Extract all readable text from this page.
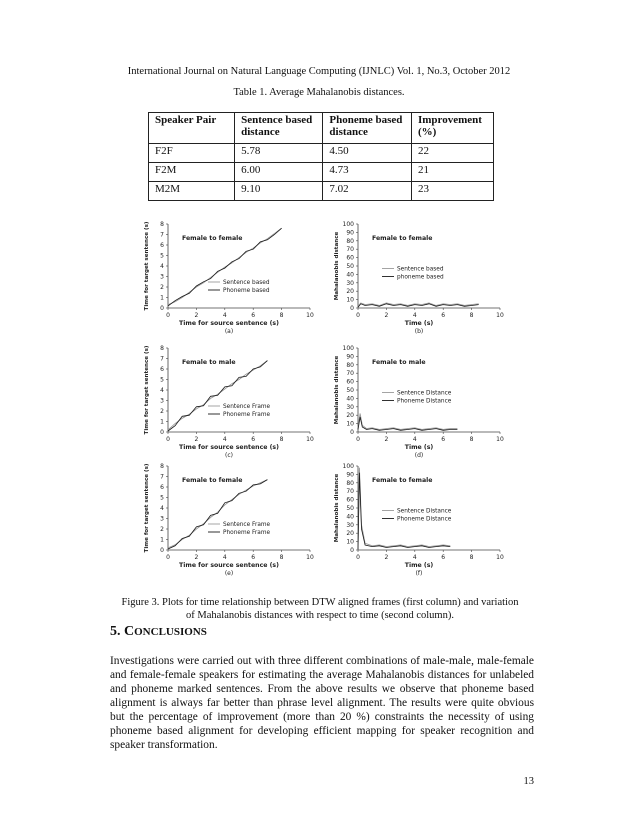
International Journal on Natural Language Computing (IJNLC) Vol. 1, No.3, October 2012
Table 1. Average Mahalanobis distances.
Speaker Pair	Sentence based distance	Phoneme based distance	Improvement (%)
F2F	5.78	4.50	22
F2M	6.00	4.73	21
M2M	9.10	7.02	23
0	2	4	6	8	10
0
1
2
3
4
5
6
7
8
Time for source sentence (s)
Time for target sentence (s)
(a)
Female to female
Sentence based
Phoneme based
0	2	4	6	8	10
0
10
20
30
40
50
60
70
80
90
100
Time (s)
Mahalanobis distance
(b)
Female to female
Sentence based
phoneme based
0	2	4	6	8	10
0
1
2
3
4
5
6
7
8
Time for source sentence (s)
Time for target sentence (s)
(c)
Female to male
Sentence Frame
Phoneme Frame
0	2	4	6	8	10
0
10
20
30
40
50
60
70
80
90
100
Time (s)
Mahalanobis distance
(d)
Female to male
Sentence Distance
Phoneme Distance
0	2	4	6	8	10
0
1
2
3
4
5
6
7
8
Time for source sentence (s)
Time for target sentence (s)
(e)
Female to female
Sentence Frame
Phoneme Frame
0	2	4	6	8	10
0
10
20
30
40
50
60
70
80
90
100
Time (s)
Mahalanobis distance
(f)
Female to female
Sentence Distance
Phoneme Distance
Figure 3. Plots for time relationship between DTW aligned frames (first column) and variation of Mahalanobis distances with respect to time (second column).
5. CONCLUSIONS
Investigations were carried out with three different combinations of male-male, male-female and female-female speakers for estimating the average Mahalanobis distances for unlabeled and phoneme marked sentences. From the above results we observe that phoneme based alignment is always far better than phrase level alignment. The results were quite obvious but the percentage of improvement (more than 20 %) constraints the necessity of using phoneme based alignment for developing efficient mapping for speaker recognition and speaker transformation.
13
